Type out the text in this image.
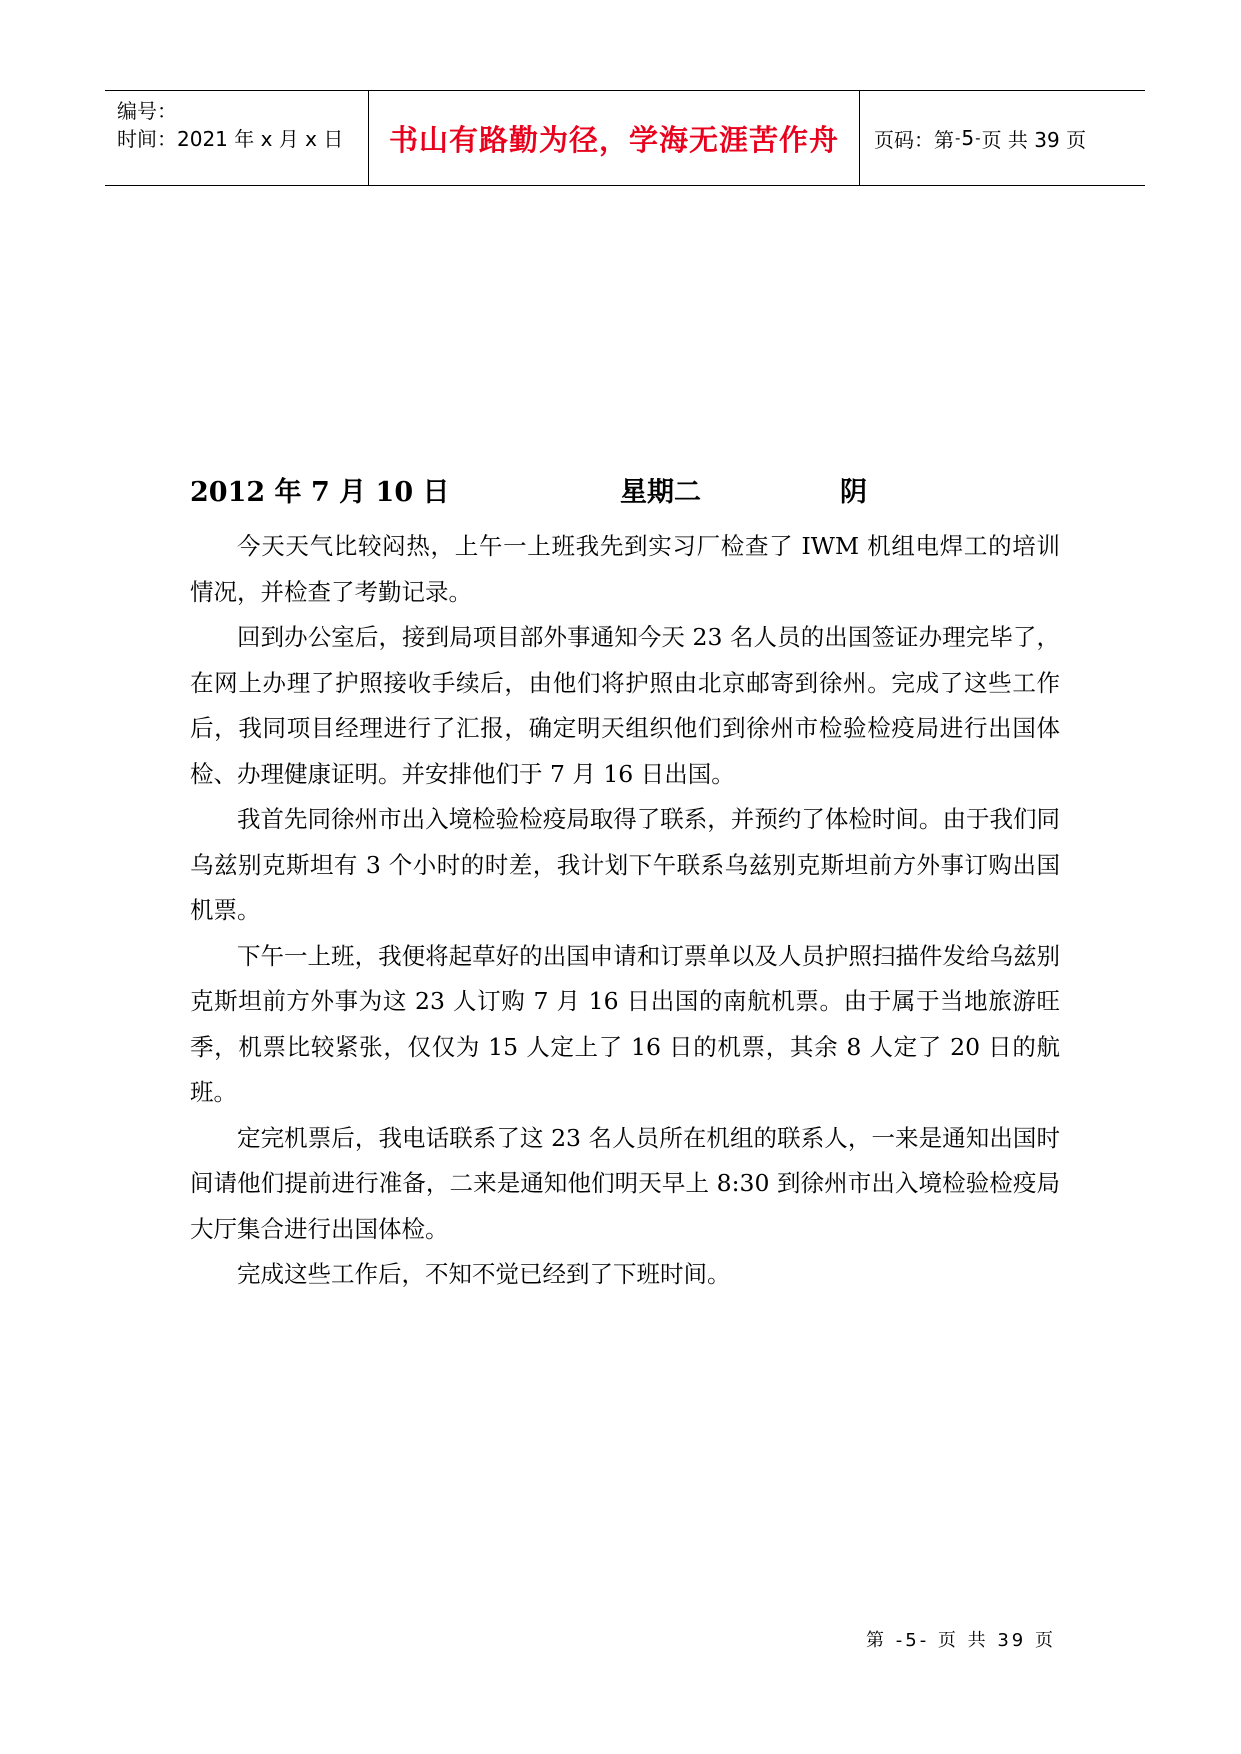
编号：
时间：2021 年 x 月 x 日	书山有路勤为径，学海无涯苦作舟 页码：第 - 5 - 页 共 39 页
2012 年 7 月 10 日	星期二	阴

今天天气比较闷热，上午一上班我先到实习厂检查了 IWM 机组电焊工的培训情况，并检查了考勤记录。

回到办公室后，接到局项目部外事通知今天 23 名人员的出国签证办理完毕了，在网上办理了护照接收手续后，由他们将护照由北京邮寄到徐州。完成了这些工作后，我同项目经理进行了汇报，确定明天组织他们到徐州市检验检疫局进行出国体检、办理健康证明。并安排他们于 7 月 16 日出国。

我首先同徐州市出入境检验检疫局取得了联系，并预约了体检时间。由于我们同乌兹别克斯坦有 3 个小时的时差，我计划下午联系乌兹别克斯坦前方外事订购出国机票。

下午一上班，我便将起草好的出国申请和订票单以及人员护照扫描件发给乌兹别克斯坦前方外事为这 23 人订购 7 月 16 日出国的南航机票。由于属于当地旅游旺季，机票比较紧张，仅仅为 15 人定上了 16 日的机票，其余 8 人定了 20 日的航班。

定完机票后，我电话联系了这 23 名人员所在机组的联系人，一来是通知出国时间请他们提前进行准备，二来是通知他们明天早上 8:30 到徐州市出入境检验检疫局大厅集合进行出国体检。

完成这些工作后，不知不觉已经到了下班时间。

第 -5- 页 共 39 页
